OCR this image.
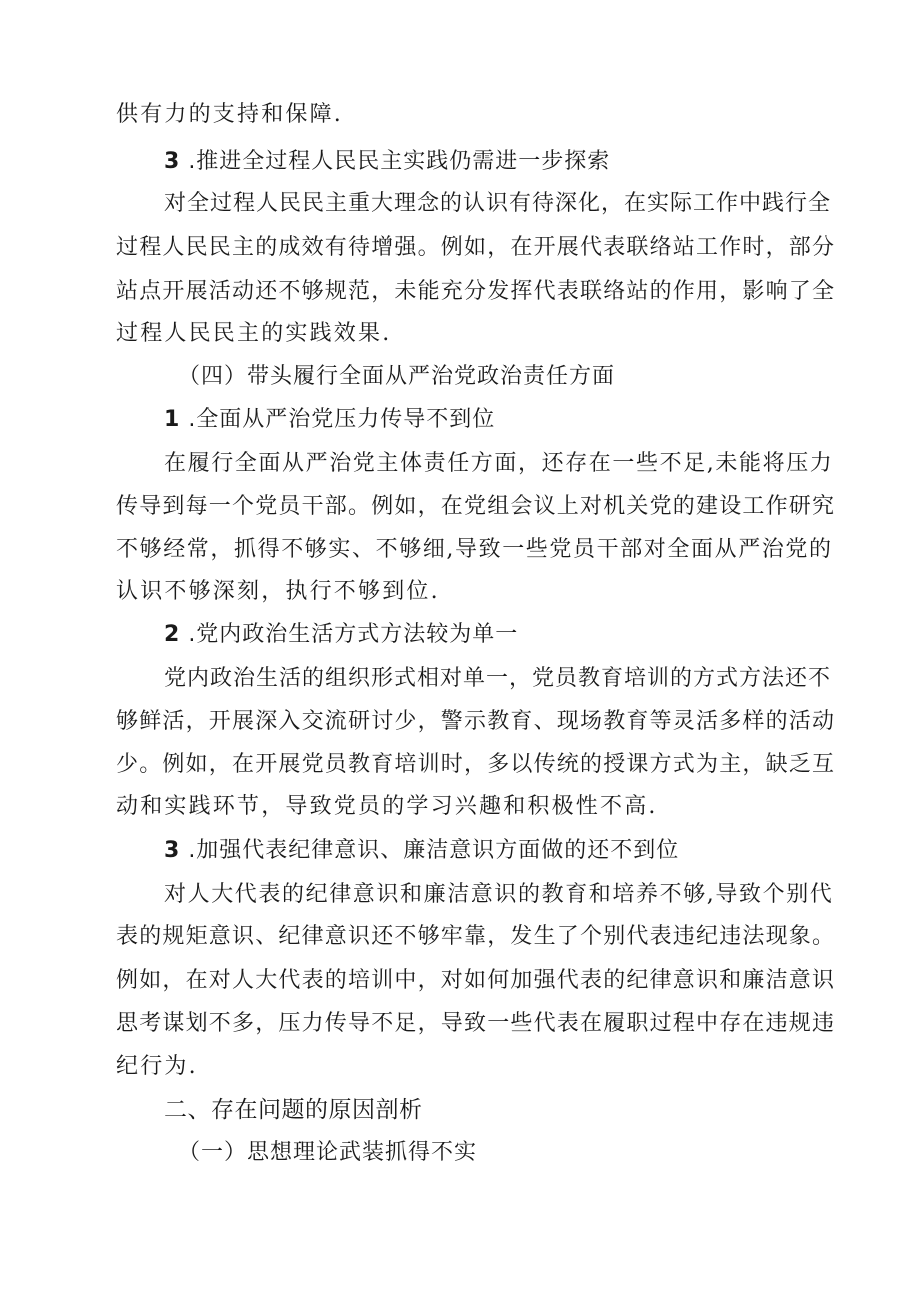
供有力的支持和保障.
3 .推进全过程人民民主实践仍需进一步探索
对全过程人民民主重大理念的认识有待深化，在实际工作中践行全
过程人民民主的成效有待增强。例如，在开展代表联络站工作时，部分
站点开展活动还不够规范，未能充分发挥代表联络站的作用，影响了全
过程人民民主的实践效果.
（四）带头履行全面从严治党政治责任方面
1 .全面从严治党压力传导不到位
在履行全面从严治党主体责任方面，还存在一些不足,未能将压力
传导到每一个党员干部。例如，在党组会议上对机关党的建设工作研究
不够经常，抓得不够实、不够细,导致一些党员干部对全面从严治党的
认识不够深刻，执行不够到位.
2 .党内政治生活方式方法较为单一
党内政治生活的组织形式相对单一，党员教育培训的方式方法还不
够鲜活，开展深入交流研讨少，警示教育、现场教育等灵活多样的活动
少。例如，在开展党员教育培训时，多以传统的授课方式为主，缺乏互
动和实践环节，导致党员的学习兴趣和积极性不高.
3 .加强代表纪律意识、廉洁意识方面做的还不到位
对人大代表的纪律意识和廉洁意识的教育和培养不够,导致个别代
表的规矩意识、纪律意识还不够牢靠，发生了个别代表违纪违法现象。
例如，在对人大代表的培训中，对如何加强代表的纪律意识和廉洁意识
思考谋划不多，压力传导不足，导致一些代表在履职过程中存在违规违
纪行为.
二、存在问题的原因剖析
（一）思想理论武装抓得不实
